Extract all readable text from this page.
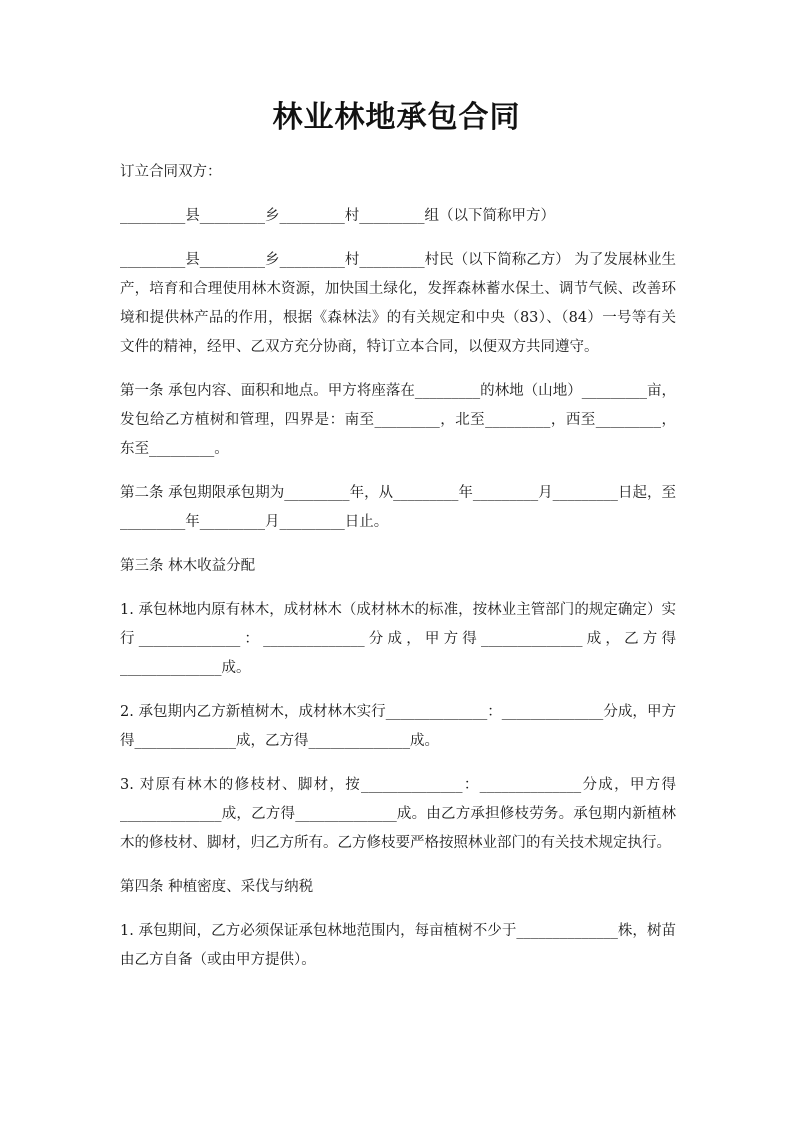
林业林地承包合同

订立合同双方：

_________县_________乡_________村_________组（以下简称甲方）

_________县_________乡_________村_________村民（以下简称乙方） 为了发展林业生产，培育和合理使用林木资源，加快国土绿化，发挥森林蓄水保土、调节气候、改善环境和提供林产品的作用，根据《森林法》的有关规定和中央（83）、（84）一号等有关文件的精神，经甲、乙双方充分协商，特订立本合同，以便双方共同遵守。

第一条 承包内容、面积和地点。甲方将座落在_________的林地（山地）_________亩，发包给乙方植树和管理，四界是：南至_________，北至_________，西至_________，东至_________。

第二条 承包期限承包期为_________年，从_________年_________月_________日起，至_________年_________月_________日止。

第三条 林木收益分配

1. 承包林地内原有林木，成材林木（成材林木的标准，按林业主管部门的规定确定）实行______________：______________分成，甲方得______________成，乙方得______________成。

2. 承包期内乙方新植树木，成材林木实行______________：______________分成，甲方得______________成，乙方得______________成。

3. 对原有林木的修枝材、脚材，按______________：______________分成，甲方得______________成，乙方得______________成。由乙方承担修枝劳务。承包期内新植林木的修枝材、脚材，归乙方所有。乙方修枝要严格按照林业部门的有关技术规定执行。

第四条 种植密度、采伐与纳税

1. 承包期间，乙方必须保证承包林地范围内，每亩植树不少于______________株，树苗由乙方自备（或由甲方提供）。
